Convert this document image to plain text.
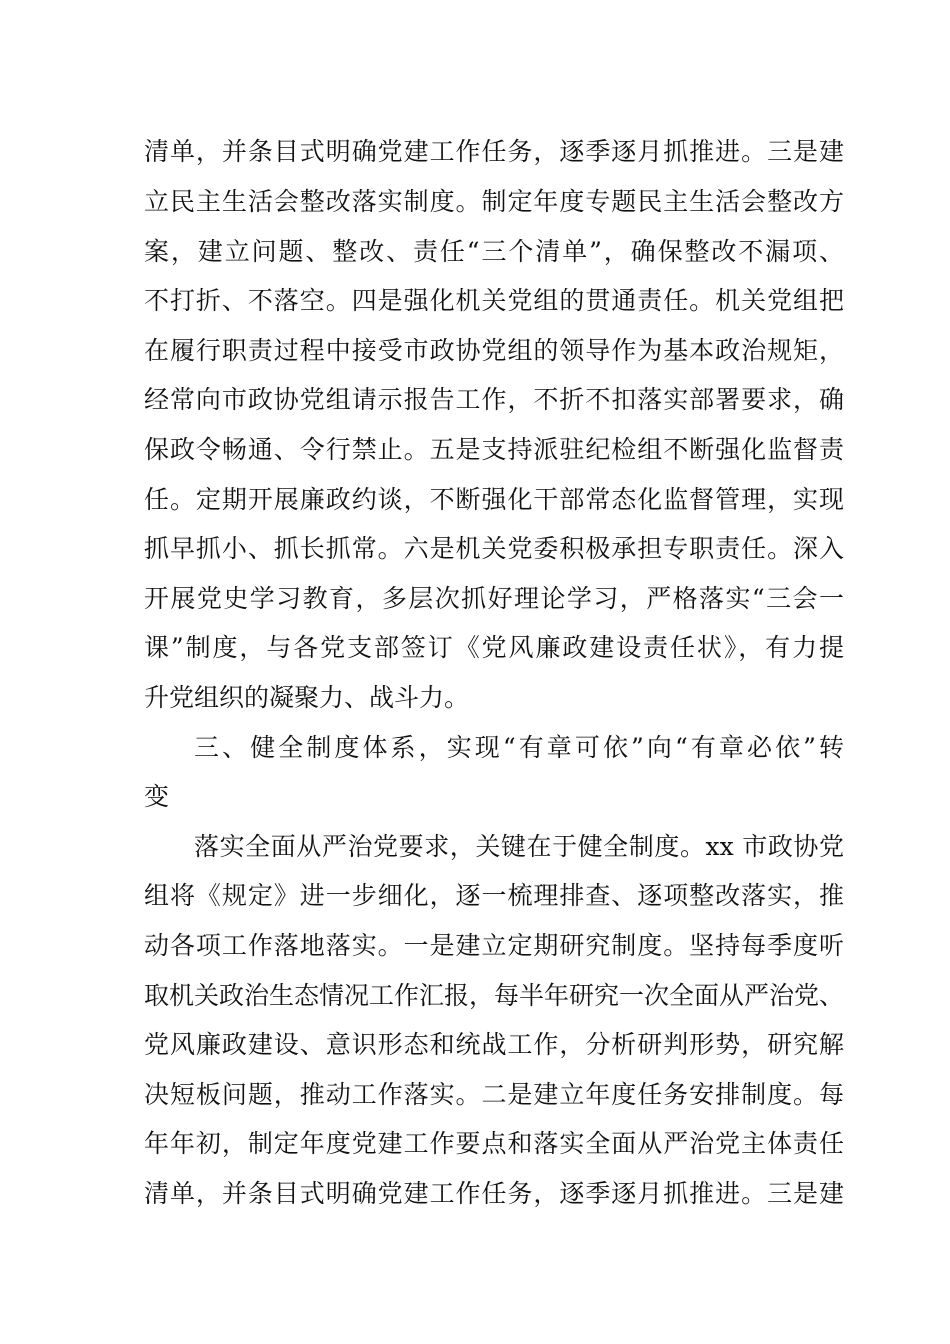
清单，并条目式明确党建工作任务，逐季逐月抓推进。三是建
立民主生活会整改落实制度。制定年度专题民主生活会整改方
案，建立问题、整改、责任“三个清单”，确保整改不漏项、
不打折、不落空。四是强化机关党组的贯通责任。机关党组把
在履行职责过程中接受市政协党组的领导作为基本政治规矩，
经常向市政协党组请示报告工作，不折不扣落实部署要求，确
保政令畅通、令行禁止。五是支持派驻纪检组不断强化监督责
任。定期开展廉政约谈，不断强化干部常态化监督管理，实现
抓早抓小、抓长抓常。六是机关党委积极承担专职责任。深入
开展党史学习教育，多层次抓好理论学习，严格落实“三会一
课”制度，与各党支部签订《党风廉政建设责任状》，有力提
升党组织的凝聚力、战斗力。
三、健全制度体系，实现“有章可依”向“有章必依”转
变
落实全面从严治党要求，关键在于健全制度。xx 市政协党
组将《规定》进一步细化，逐一梳理排查、逐项整改落实，推
动各项工作落地落实。一是建立定期研究制度。坚持每季度听
取机关政治生态情况工作汇报，每半年研究一次全面从严治党、
党风廉政建设、意识形态和统战工作，分析研判形势，研究解
决短板问题，推动工作落实。二是建立年度任务安排制度。每
年年初，制定年度党建工作要点和落实全面从严治党主体责任
清单，并条目式明确党建工作任务，逐季逐月抓推进。三是建
